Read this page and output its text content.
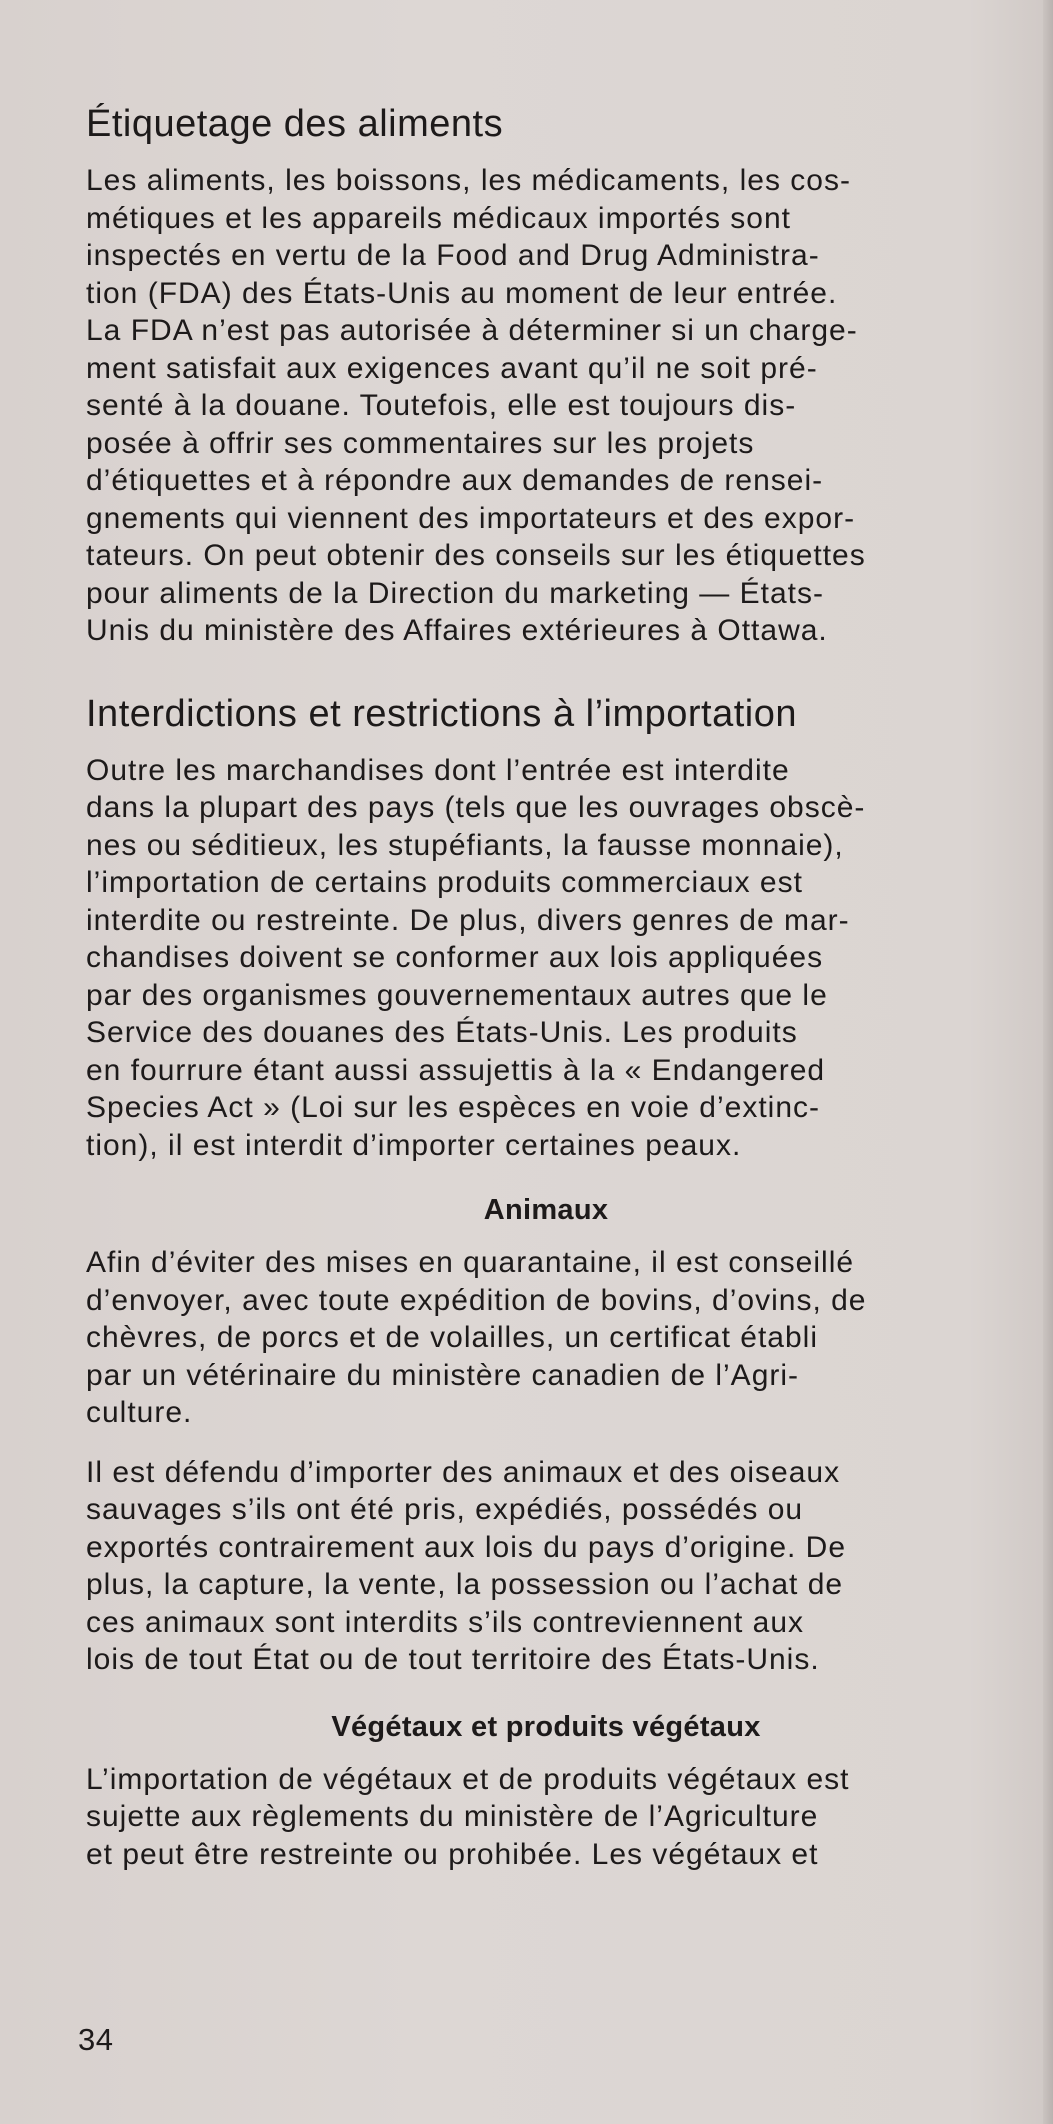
Étiquetage des aliments

Les aliments, les boissons, les médicaments, les cos-
métiques et les appareils médicaux importés sont
inspectés en vertu de la Food and Drug Administra-
tion (FDA) des États-Unis au moment de leur entrée.
La FDA n’est pas autorisée à déterminer si un charge-
ment satisfait aux exigences avant qu’il ne soit pré-
senté à la douane. Toutefois, elle est toujours dis-
posée à offrir ses commentaires sur les projets
d’étiquettes et à répondre aux demandes de rensei-
gnements qui viennent des importateurs et des expor-
tateurs. On peut obtenir des conseils sur les étiquettes
pour aliments de la Direction du marketing — États-
Unis du ministère des Affaires extérieures à Ottawa.

Interdictions et restrictions à l’importation

Outre les marchandises dont l’entrée est interdite
dans la plupart des pays (tels que les ouvrages obscè-
nes ou séditieux, les stupéfiants, la fausse monnaie),
l’importation de certains produits commerciaux est
interdite ou restreinte. De plus, divers genres de mar-
chandises doivent se conformer aux lois appliquées
par des organismes gouvernementaux autres que le
Service des douanes des États-Unis. Les produits
en fourrure étant aussi assujettis à la « Endangered
Species Act » (Loi sur les espèces en voie d’extinc-
tion), il est interdit d’importer certaines peaux.

Animaux

Afin d’éviter des mises en quarantaine, il est conseillé
d’envoyer, avec toute expédition de bovins, d’ovins, de
chèvres, de porcs et de volailles, un certificat établi
par un vétérinaire du ministère canadien de l’Agri-
culture.

Il est défendu d’importer des animaux et des oiseaux
sauvages s’ils ont été pris, expédiés, possédés ou
exportés contrairement aux lois du pays d’origine. De
plus, la capture, la vente, la possession ou l’achat de
ces animaux sont interdits s’ils contreviennent aux
lois de tout État ou de tout territoire des États-Unis.

Végétaux et produits végétaux

L’importation de végétaux et de produits végétaux est
sujette aux règlements du ministère de l’Agriculture
et peut être restreinte ou prohibée. Les végétaux et

34
